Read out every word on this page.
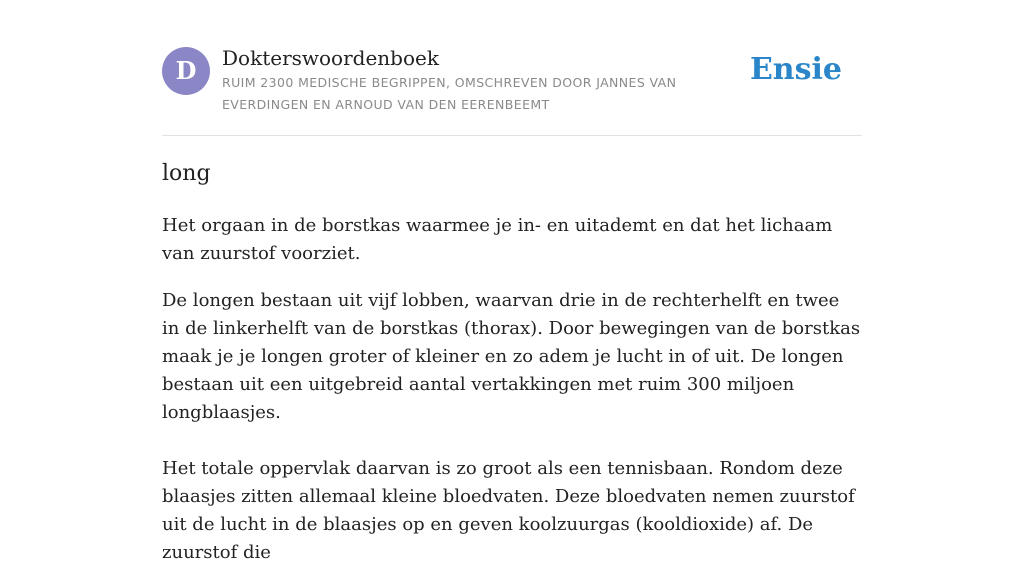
D	Dokterswoordenboek
RUIM 2300 MEDISCHE BEGRIPPEN, OMSCHREVEN DOOR JANNES VAN EVERDINGEN EN ARNOUD VAN DEN EERENBEEMT
Ensie
long

Het orgaan in de borstkas waarmee je in- en uitademt en dat het lichaam van zuurstof voorziet.

De longen bestaan uit vijf lobben, waarvan drie in de rechterhelft en twee in de linkerhelft van de borstkas (thorax). Door bewegingen van de borstkas maak je je longen groter of kleiner en zo adem je lucht in of uit. De longen bestaan uit een uitgebreid aantal vertakkingen met ruim 300 miljoen longblaasjes.

Het totale oppervlak daarvan is zo groot als een tennisbaan. Rondom deze blaasjes zitten allemaal kleine bloedvaten. Deze bloedvaten nemen zuurstof uit de lucht in de blaasjes op en geven koolzuurgas (kooldioxide) af. De zuurstof die
